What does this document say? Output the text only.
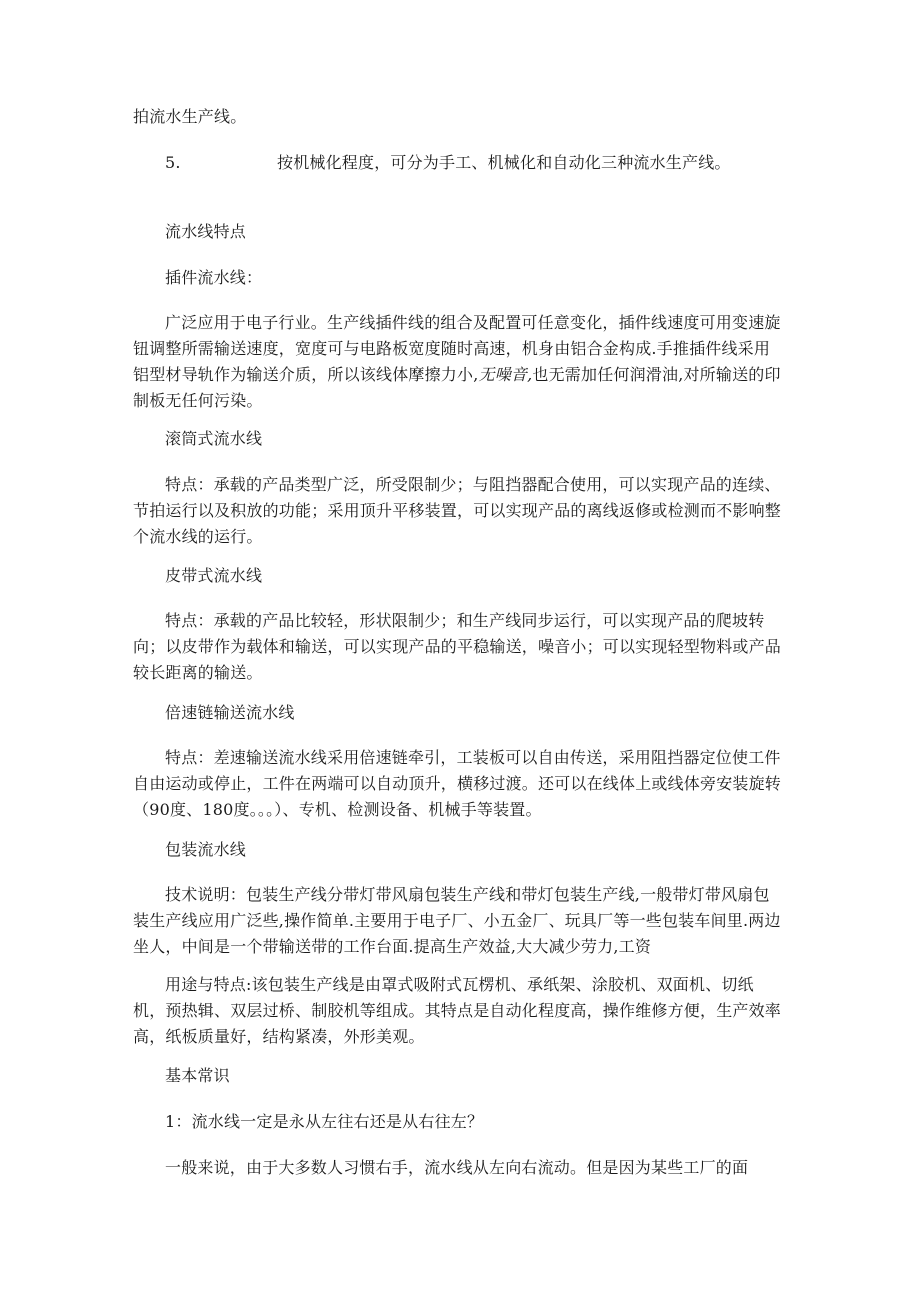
拍流水生产线。

5.	按机械化程度，可分为手工、机械化和自动化三种流水生产线。

流水线特点

插件流水线：

广泛应用于电子行业。生产线插件线的组合及配置可任意变化，插件线速度可用变速旋钮调整所需输送速度，宽度可与电路板宽度随时高速，机身由铝合金构成.手推插件线采用铝型材导轨作为输送介质，所以该线体摩擦力小,无噪音,也无需加任何润滑油,对所输送的印制板无任何污染。

滚筒式流水线

特点：承载的产品类型广泛，所受限制少；与阻挡器配合使用，可以实现产品的连续、节拍运行以及积放的功能；采用顶升平移装置，可以实现产品的离线返修或检测而不影响整个流水线的运行。

皮带式流水线

特点：承载的产品比较轻，形状限制少；和生产线同步运行，可以实现产品的爬坡转向；以皮带作为载体和输送，可以实现产品的平稳输送，噪音小；可以实现轻型物料或产品较长距离的输送。

倍速链输送流水线

特点：差速输送流水线采用倍速链牵引，工装板可以自由传送，采用阻挡器定位使工件自由运动或停止，工件在两端可以自动顶升，横移过渡。还可以在线体上或线体旁安装旋转（90度、180度。。。）、专机、检测设备、机械手等装置。

包装流水线

技术说明：包装生产线分带灯带风扇包装生产线和带灯包装生产线,一般带灯带风扇包装生产线应用广泛些,操作简单.主要用于电子厂、小五金厂、玩具厂等一些包装车间里.两边坐人，中间是一个带输送带的工作台面.提高生产效益,大大减少劳力,工资

用途与特点:该包装生产线是由罩式吸附式瓦楞机、承纸架、涂胶机、双面机、切纸机，预热辑、双层过桥、制胶机等组成。其特点是自动化程度高，操作维修方便，生产效率高，纸板质量好，结构紧凑，外形美观。

基本常识

1：流水线一定是永从左往右还是从右往左？

一般来说，由于大多数人习惯右手，流水线从左向右流动。但是因为某些工厂的面
